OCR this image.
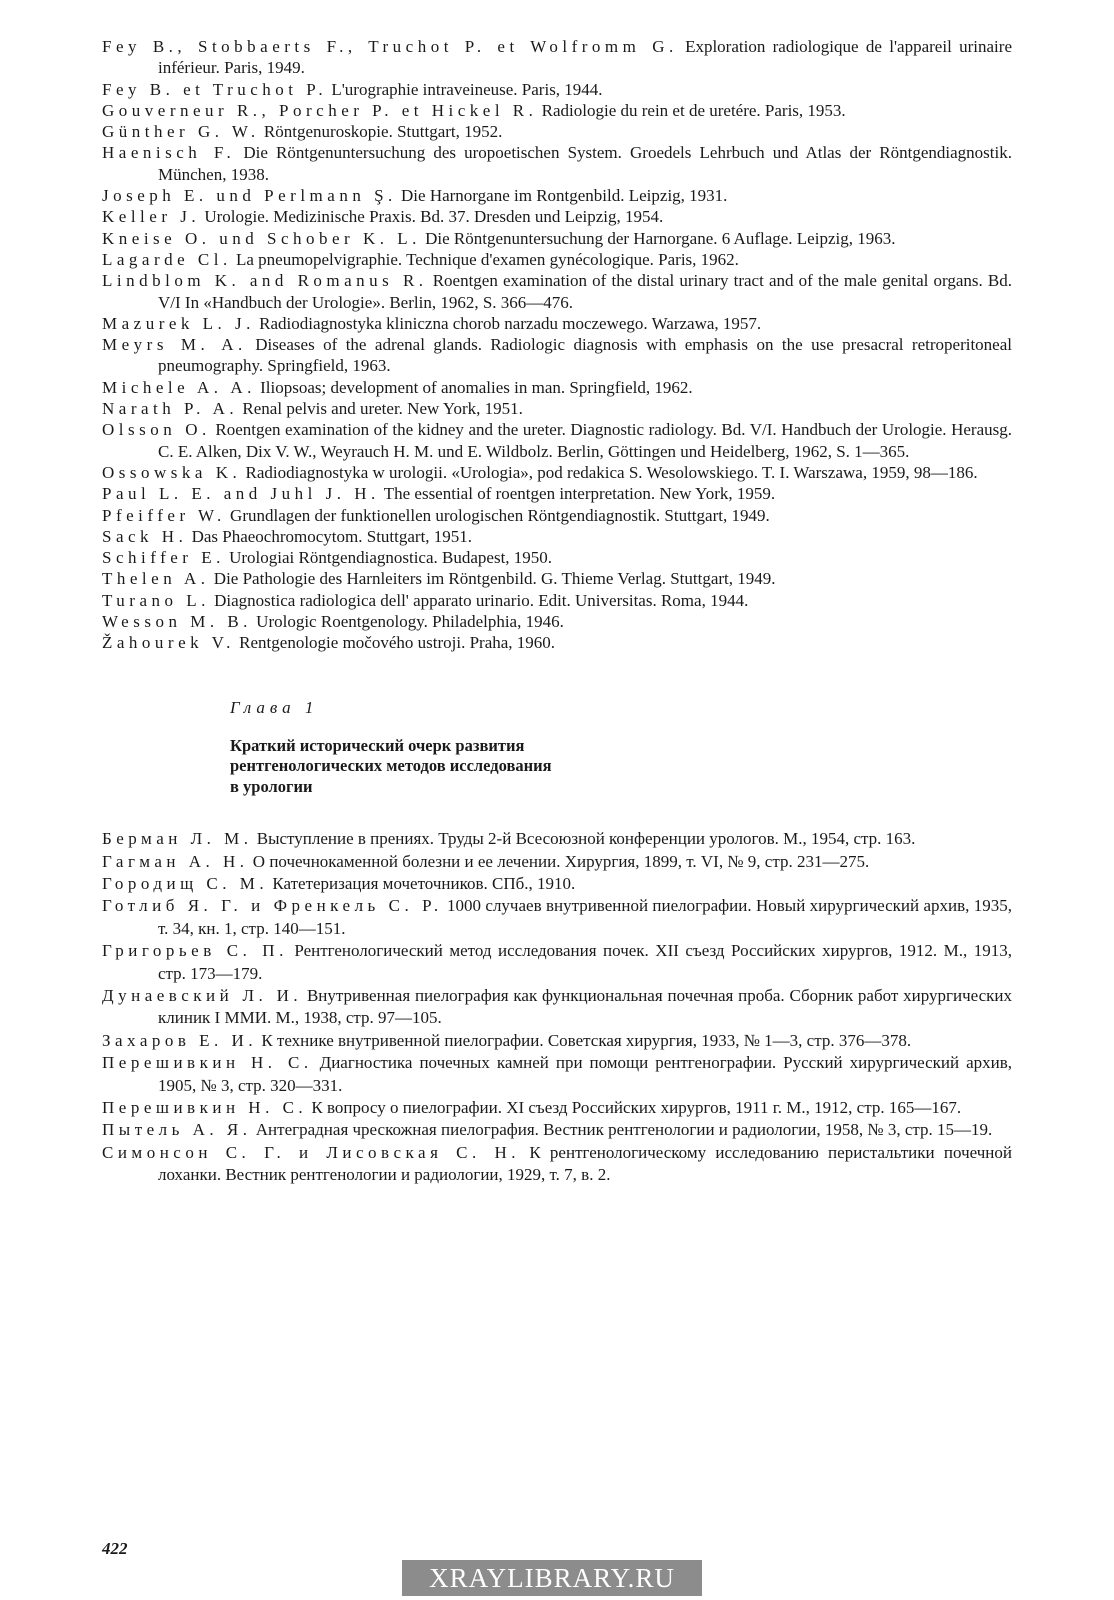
Fey B., Stobbaerts F., Truchot P. et Wolfromm G. Exploration radiologique de l'appareil urinaire inférieur. Paris, 1949.

Fey B. et Truchot P. L'urographie intraveineuse. Paris, 1944.

Gouverneur R., Porcher P. et Hickel R. Radiologie du rein et de uretére. Paris, 1953.

Günther G. W. Röntgenuroskopie. Stuttgart, 1952.

Haenisch F. Die Röntgenuntersuchung des uropoetischen System. Groedels Lehrbuch und Atlas der Röntgendiagnostik. München, 1938.

Joseph E. und Perlmann Ş. Die Harnorgane im Rontgenbild. Leipzig, 1931.

Keller J. Urologie. Medizinische Praxis. Bd. 37. Dresden und Leipzig, 1954.

Kneise O. und Schober K. L. Die Röntgenuntersuchung der Harnorgane. 6 Auflage. Leipzig, 1963.

Lagarde Cl. La pneumopelvigraphie. Technique d'examen gynécologique. Paris, 1962.

Lindblom K. and Romanus R. Roentgen examination of the distal urinary tract and of the male genital organs. Bd. V/I In «Handbuch der Urologie». Berlin, 1962, S. 366—476.

Mazurek L. J. Radiodiagnostyka kliniczna chorob narzadu moczewego. Warzawa, 1957.

Meyrs M. A. Diseases of the adrenal glands. Radiologic diagnosis with emphasis on the use presacral retroperitoneal pneumography. Springfield, 1963.

Michele A. A. Iliopsoas; development of anomalies in man. Springfield, 1962.

Narath P. A. Renal pelvis and ureter. New York, 1951.

Olsson O. Roentgen examination of the kidney and the ureter. Diagnostic radiology. Bd. V/I. Handbuch der Urologie. Herausg. C. E. Alken, Dix V. W., Weyrauch H. M. und E. Wildbolz. Berlin, Göttingen und Heidelberg, 1962, S. 1—365.

Ossowska K. Radiodiagnostyka w urologii. «Urologia», pod redakica S. Wesolowskiego. T. I. Warszawa, 1959, 98—186.

Paul L. E. and Juhl J. H. The essential of roentgen interpretation. New York, 1959.

Pfeiffer W. Grundlagen der funktionellen urologischen Röntgendiagnostik. Stuttgart, 1949.

Sack H. Das Phaeochromocytom. Stuttgart, 1951.

Schiffer E. Urologiai Röntgendiagnostica. Budapest, 1950.

Thelen A. Die Pathologie des Harnleiters im Röntgenbild. G. Thieme Verlag. Stuttgart, 1949.

Turano L. Diagnostica radiologica dell' apparato urinario. Edit. Universitas. Roma, 1944.

Wesson M. B. Urologic Roentgenology. Philadelphia, 1946.

Žahourek V. Rentgenologie močového ustroji. Praha, 1960.

Глава 1

Краткий исторический очерк развития
рентгенологических методов исследования
в урологии

Берман Л. М. Выступление в прениях. Труды 2-й Всесоюзной конференции урологов. М., 1954, стр. 163.

Гагман А. Н. О почечнокаменной болезни и ее лечении. Хирургия, 1899, т. VI, № 9, стр. 231—275.

Городищ С. М. Катетеризация мочеточников. СПб., 1910.

Готлиб Я. Г. и Френкель С. Р. 1000 случаев внутривенной пиелографии. Новый хирургический архив, 1935, т. 34, кн. 1, стр. 140—151.

Григорьев С. П. Рентгенологический метод исследования почек. XII съезд Российских хирургов, 1912. М., 1913, стр. 173—179.

Дунаевский Л. И. Внутривенная пиелография как функциональная почечная проба. Сборник работ хирургических клиник I ММИ. М., 1938, стр. 97—105.

Захаров Е. И. К технике внутривенной пиелографии. Советская хирургия, 1933, № 1—3, стр. 376—378.

Перешивкин Н. С. Диагностика почечных камней при помощи рентгенографии. Русский хирургический архив, 1905, № 3, стр. 320—331.

Перешивкин Н. С. К вопросу о пиелографии. XI съезд Российских хирургов, 1911 г. М., 1912, стр. 165—167.

Пытель А. Я. Антеградная чрескожная пиелография. Вестник рентгенологии и радиологии, 1958, № 3, стр. 15—19.

Симонсон С. Г. и Лисовская С. Н. К рентгенологическому исследованию перистальтики почечной лоханки. Вестник рентгенологии и радиологии, 1929, т. 7, в. 2.

422
XRAYLIBRARY.RU
